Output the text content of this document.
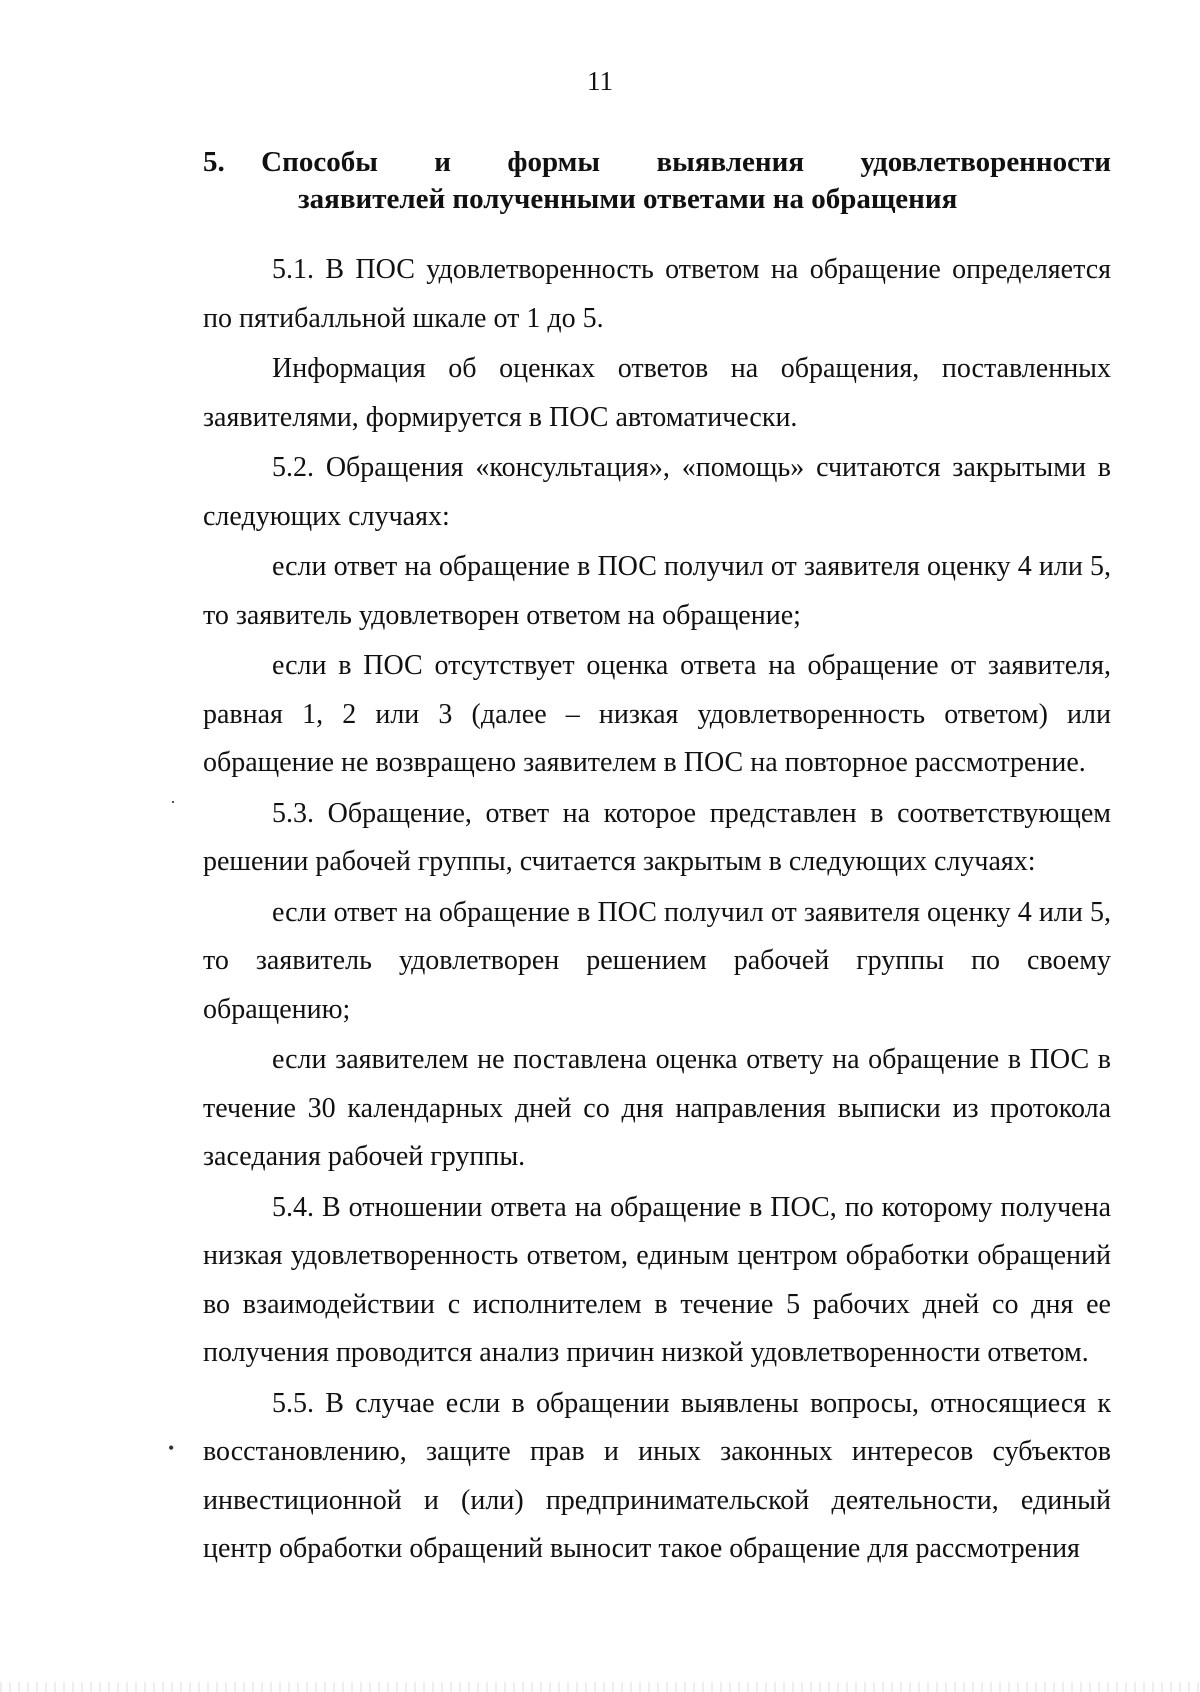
11
5. Способы и формы выявления удовлетворенности
заявителей полученными ответами на обращения

5.1. В ПОС удовлетворенность ответом на обращение определяется по пятибалльной шкале от 1 до 5.

Информация об оценках ответов на обращения, поставленных заявителями, формируется в ПОС автоматически.

5.2. Обращения «консультация», «помощь» считаются закрытыми в следующих случаях:

если ответ на обращение в ПОС получил от заявителя оценку 4 или 5, то заявитель удовлетворен ответом на обращение;

если в ПОС отсутствует оценка ответа на обращение от заявителя, равная 1, 2 или 3 (далее – низкая удовлетворенность ответом) или обращение не возвращено заявителем в ПОС на повторное рассмотрение.

5.3. Обращение, ответ на которое представлен в соответствующем решении рабочей группы, считается закрытым в следующих случаях:

если ответ на обращение в ПОС получил от заявителя оценку 4 или 5, то заявитель удовлетворен решением рабочей группы по своему обращению;

если заявителем не поставлена оценка ответу на обращение в ПОС в течение 30 календарных дней со дня направления выписки из протокола заседания рабочей группы.

5.4. В отношении ответа на обращение в ПОС, по которому получена низкая удовлетворенность ответом, единым центром обработки обращений во взаимодействии с исполнителем в течение 5 рабочих дней со дня ее получения проводится анализ причин низкой удовлетворенности ответом.

5.5. В случае если в обращении выявлены вопросы, относящиеся к восстановлению, защите прав и иных законных интересов субъектов инвестиционной и (или) предпринимательской деятельности, единый центр обработки обращений выносит такое обращение для рассмотрения

·
•
